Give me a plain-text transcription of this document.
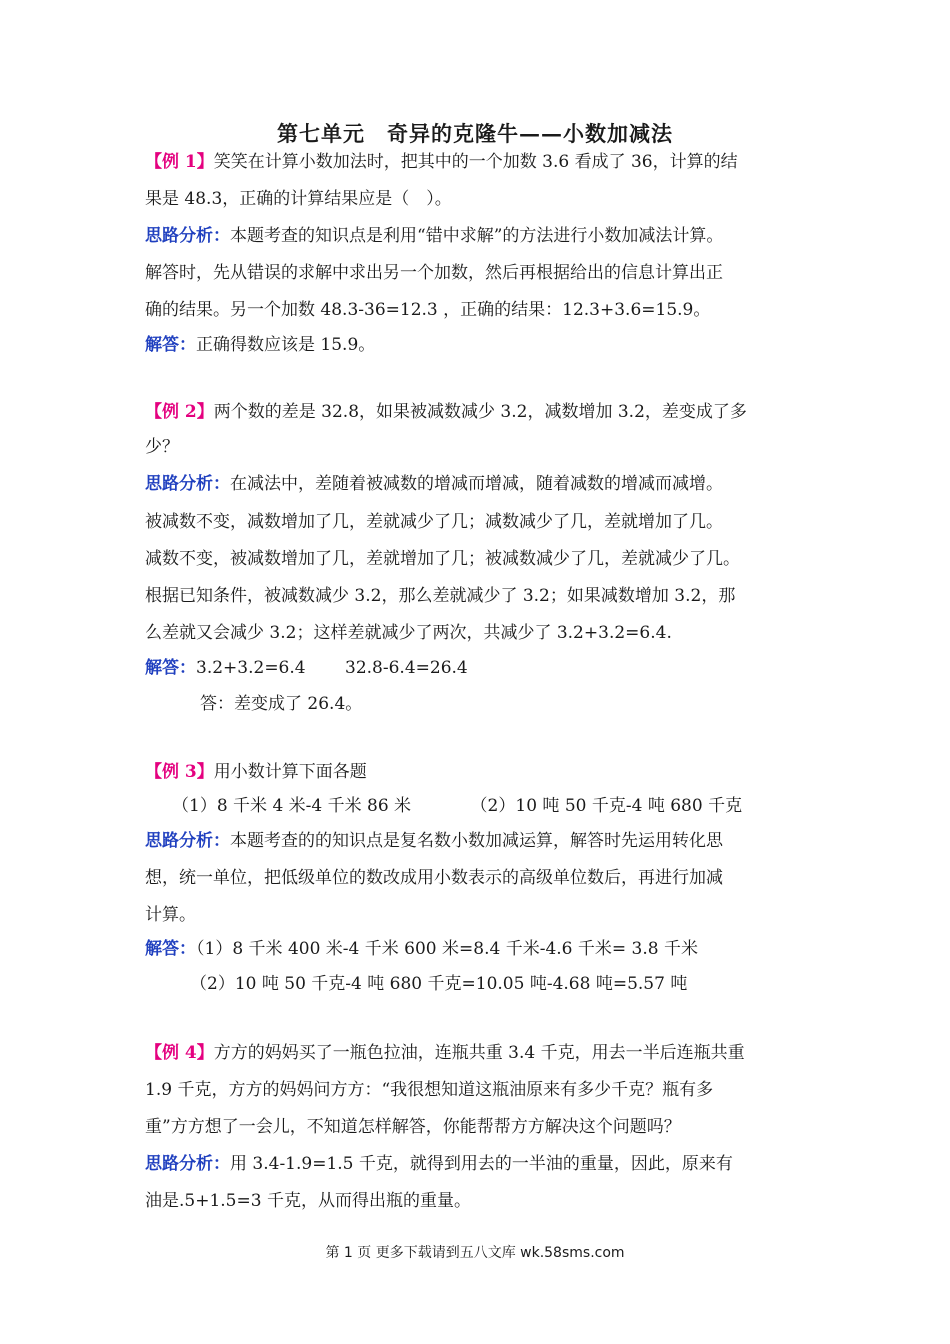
第七单元　奇异的克隆牛——小数加减法
【例 1】笑笑在计算小数加法时，把其中的一个加数 3.6 看成了 36，计算的结
果是 48.3，正确的计算结果应是（　）。
思路分析：本题考查的知识点是利用“错中求解”的方法进行小数加减法计算。
解答时，先从错误的求解中求出另一个加数，然后再根据给出的信息计算出正
确的结果。另一个加数 48.3-36=12.3 ，正确的结果：12.3+3.6=15.9。
解答：正确得数应该是 15.9。
【例 2】两个数的差是 32.8，如果被减数减少 3.2，减数增加 3.2，差变成了多
少？
思路分析：在减法中，差随着被减数的增减而增减，随着减数的增减而减增。
被减数不变，减数增加了几，差就减少了几；减数减少了几，差就增加了几。
减数不变，被减数增加了几，差就增加了几；被减数减少了几，差就减少了几。
根据已知条件，被减数减少 3.2，那么差就减少了 3.2；如果减数增加 3.2，那
么差就又会减少 3.2；这样差就减少了两次，共减少了 3.2+3.2=6.4.
解答：3.2+3.2=6.4　　 32.8-6.4=26.4
答：差变成了 26.4。
【例 3】用小数计算下面各题
（1）8 千米 4 米-4 千米 86 米　　　　（2）10 吨 50 千克-4 吨 680 千克
思路分析：本题考查的的知识点是复名数小数加减运算，解答时先运用转化思
想，统一单位，把低级单位的数改成用小数表示的高级单位数后，再进行加减
计算。
解答：（1）8 千米 400 米-4 千米 600 米=8.4 千米-4.6 千米= 3.8 千米
（2）10 吨 50 千克-4 吨 680 千克=10.05 吨-4.68 吨=5.57 吨
【例 4】方方的妈妈买了一瓶色拉油，连瓶共重 3.4 千克，用去一半后连瓶共重
1.9 千克，方方的妈妈问方方：“我很想知道这瓶油原来有多少千克？瓶有多
重”方方想了一会儿，不知道怎样解答，你能帮帮方方解决这个问题吗？
思路分析：用 3.4-1.9=1.5 千克，就得到用去的一半油的重量，因此，原来有
油是.5+1.5=3 千克，从而得出瓶的重量。
第 1 页 更多下载请到五八文库 wk.58sms.com
